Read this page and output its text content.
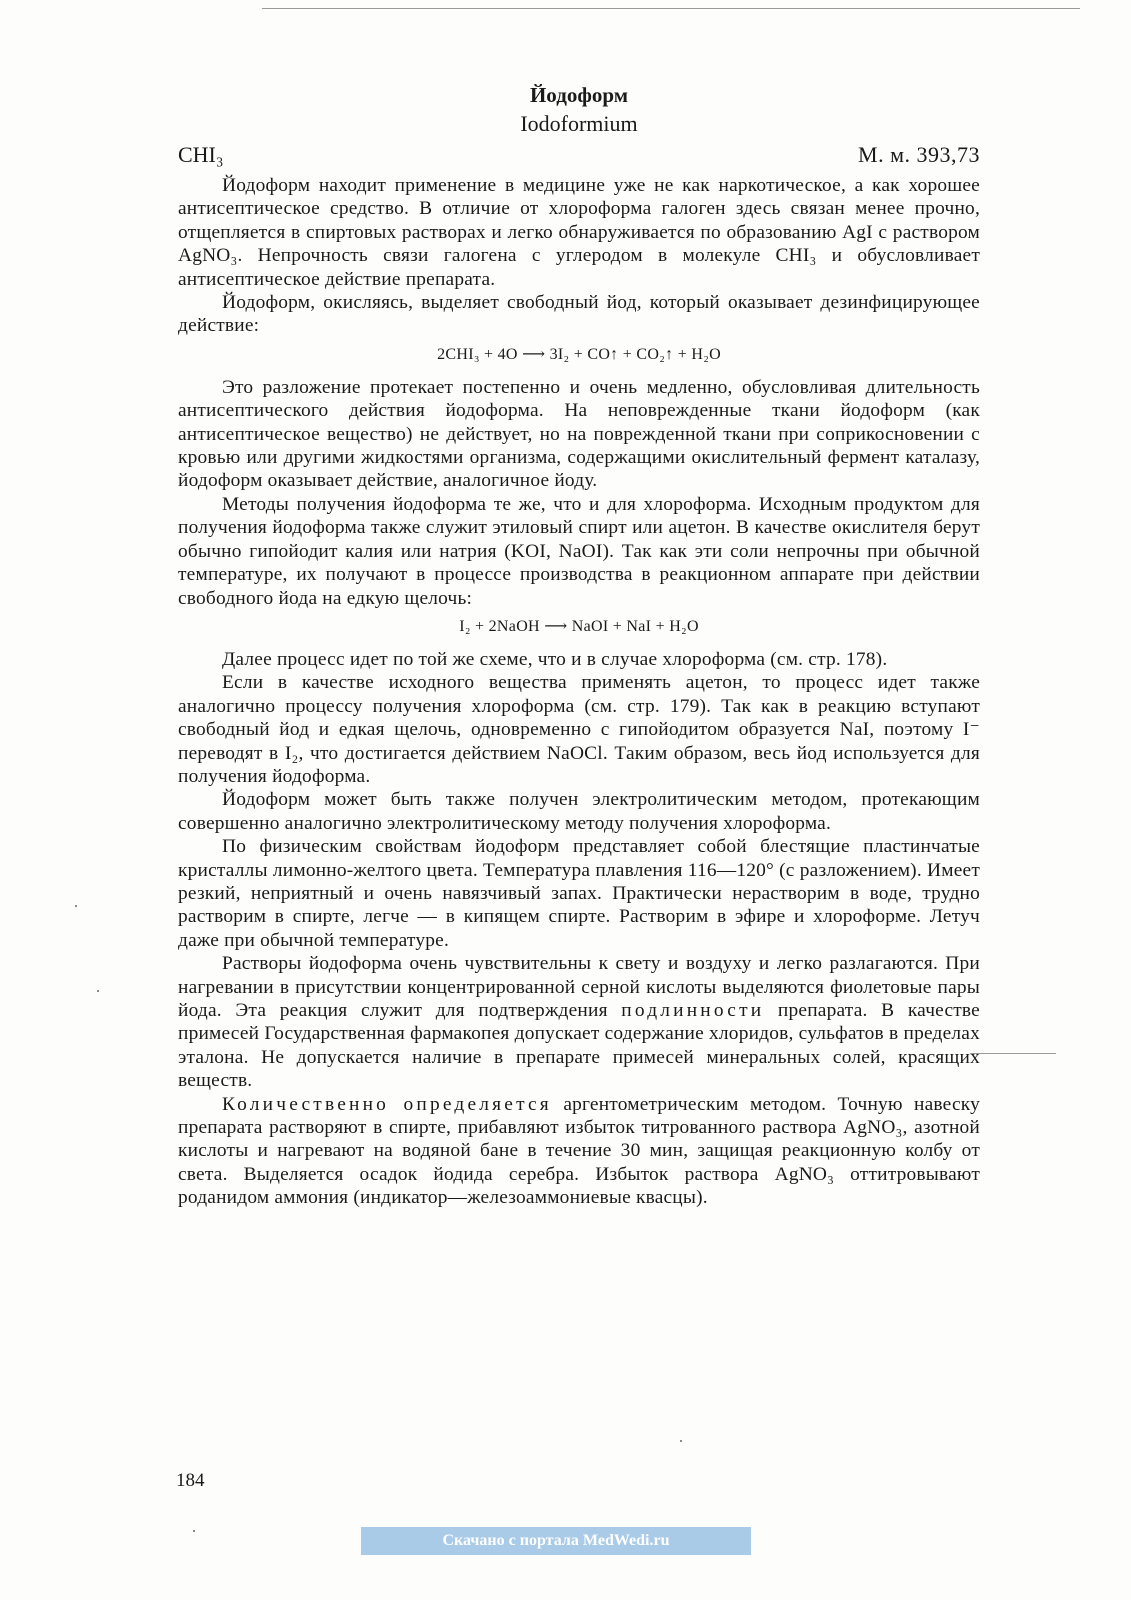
Йодоформ
Iodoformium
CHI₃	М. м. 393,73

Йодоформ находит применение в медицине уже не как наркотическое, а как хорошее антисептическое средство. В отличие от хлороформа галоген здесь связан менее прочно, отщепляется в спиртовых растворах и легко обнаруживается по образованию AgI с раствором AgNO₃. Непрочность связи галогена с углеродом в молекуле CHI₃ и обусловливает антисептическое действие препарата.

Йодоформ, окисляясь, выделяет свободный йод, который оказывает дезинфицирующее действие:

2CHI₃ + 4O ⟶ 3I₂ + CO↑ + CO₂↑ + H₂O

Это разложение протекает постепенно и очень медленно, обусловливая длительность антисептического действия йодоформа. На неповрежденные ткани йодоформ (как антисептическое вещество) не действует, но на поврежденной ткани при соприкосновении с кровью или другими жидкостями организма, содержащими окислительный фермент каталазу, йодоформ оказывает действие, аналогичное йоду.

Методы получения йодоформа те же, что и для хлороформа. Исходным продуктом для получения йодоформа также служит этиловый спирт или ацетон. В качестве окислителя берут обычно гипойодит калия или натрия (KOI, NaOI). Так как эти соли непрочны при обычной температуре, их получают в процессе производства в реакционном аппарате при действии свободного йода на едкую щелочь:

I₂ + 2NaOH ⟶ NaOI + NaI + H₂O

Далее процесс идет по той же схеме, что и в случае хлороформа (см. стр. 178).

Если в качестве исходного вещества применять ацетон, то процесс идет также аналогично процессу получения хлороформа (см. стр. 179). Так как в реакцию вступают свободный йод и едкая щелочь, одновременно с гипойодитом образуется NaI, поэтому I⁻ переводят в I₂, что достигается действием NaOCl. Таким образом, весь йод используется для получения йодоформа.

Йодоформ может быть также получен электролитическим методом, протекающим совершенно аналогично электролитическому методу получения хлороформа.

По физическим свойствам йодоформ представляет собой блестящие пластинчатые кристаллы лимонно-желтого цвета. Температура плавления 116—120° (с разложением). Имеет резкий, неприятный и очень навязчивый запах. Практически нерастворим в воде, трудно растворим в спирте, легче — в кипящем спирте. Растворим в эфире и хлороформе. Летуч даже при обычной температуре.

Растворы йодоформа очень чувствительны к свету и воздуху и легко разлагаются. При нагревании в присутствии концентрированной серной кислоты выделяются фиолетовые пары йода. Эта реакция служит для подтверждения подлинности препарата. В качестве примесей Государственная фармакопея допускает содержание хлоридов, сульфатов в пределах эталона. Не допускается наличие в препарате примесей минеральных солей, красящих веществ.

Количественно определяется аргентометрическим методом. Точную навеску препарата растворяют в спирте, прибавляют избыток титрованного раствора AgNO₃, азотной кислоты и нагревают на водяной бане в течение 30 мин, защищая реакционную колбу от света. Выделяется осадок йодида серебра. Избыток раствора AgNO₃ оттитровывают роданидом аммония (индикатор—железоаммониевые квасцы).

184
Скачано с портала MedWedi.ru
